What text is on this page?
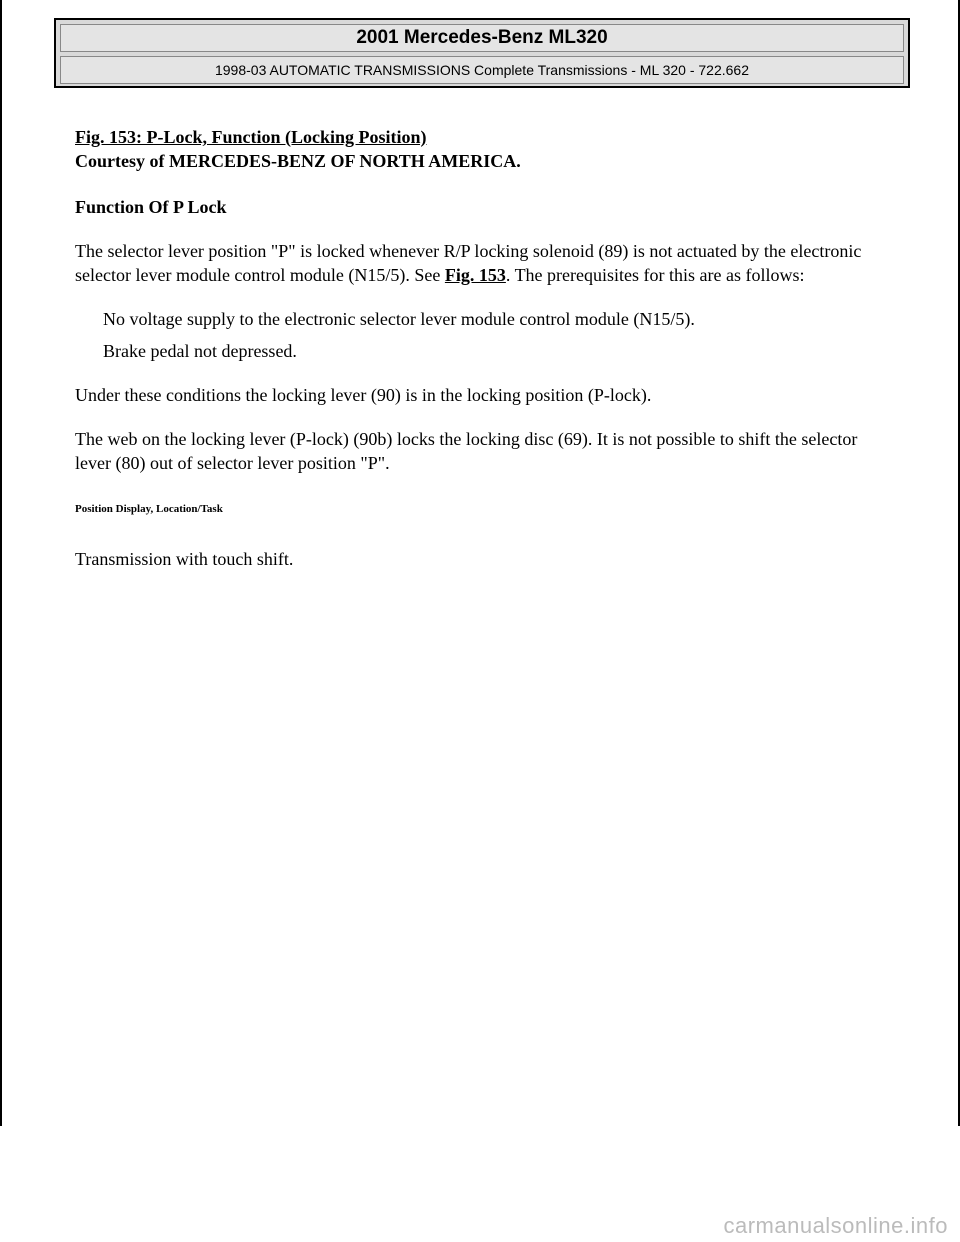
2001 Mercedes-Benz ML320
1998-03 AUTOMATIC TRANSMISSIONS Complete Transmissions - ML 320 - 722.662

Fig. 153: P-Lock, Function (Locking Position)

Courtesy of MERCEDES-BENZ OF NORTH AMERICA.

Function Of P Lock

The selector lever position "P" is locked whenever R/P locking solenoid (89) is not actuated by the electronic selector lever module control module (N15/5). See Fig. 153. The prerequisites for this are as follows:

No voltage supply to the electronic selector lever module control module (N15/5).

Brake pedal not depressed.

Under these conditions the locking lever (90) is in the locking position (P-lock).

The web on the locking lever (P-lock) (90b) locks the locking disc (69). It is not possible to shift the selector lever (80) out of selector lever position "P".

Position Display, Location/Task

Transmission with touch shift.

carmanualsonline.info
